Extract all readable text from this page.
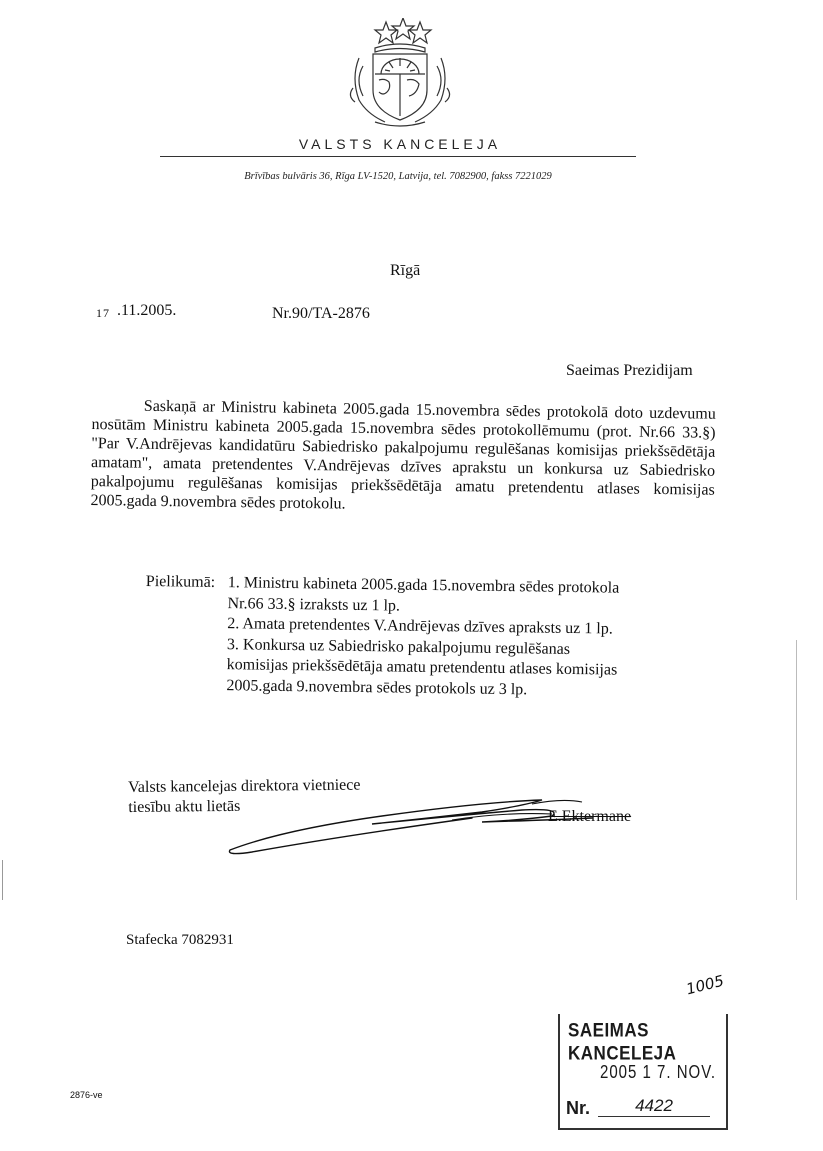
VALSTS KANCELEJA
Brīvības bulvāris 36, Rīga LV-1520, Latvija, tel. 7082900, fakss 7221029
Rīgā
17 .11.2005.	Nr.90/TA-2876
Saeimas Prezidijam
Saskaņā ar Ministru kabineta 2005.gada 15.novembra sēdes protokolā doto uzdevumu nosūtām Ministru kabineta 2005.gada 15.novembra sēdes protokollēmumu (prot. Nr.66 33.§) "Par V.Andrējevas kandidatūru Sabiedrisko pakalpojumu regulēšanas komisijas priekšsēdētāja amatam", amata pretendentes V.Andrējevas dzīves aprakstu un konkursa uz Sabiedrisko pakalpojumu regulēšanas komisijas priekšsēdētāja amatu pretendentu atlases komisijas 2005.gada 9.novembra sēdes protokolu.
Pielikumā: 1. Ministru kabineta 2005.gada 15.novembra sēdes protokola
Nr.66 33.§ izraksts uz 1 lp.
2. Amata pretendentes V.Andrējevas dzīves apraksts uz 1 lp.
3. Konkursa uz Sabiedrisko pakalpojumu regulēšanas
komisijas priekšsēdētāja amatu pretendentu atlases komisijas
2005.gada 9.novembra sēdes protokols uz 3 lp.
Valsts kancelejas direktora vietniece
tiesību aktu lietās
E.Ektermane
Stafecka 7082931
2876-ve
1005
SAEIMAS KANCELEJA
2005 1 7. NOV.
Nr.	4422
